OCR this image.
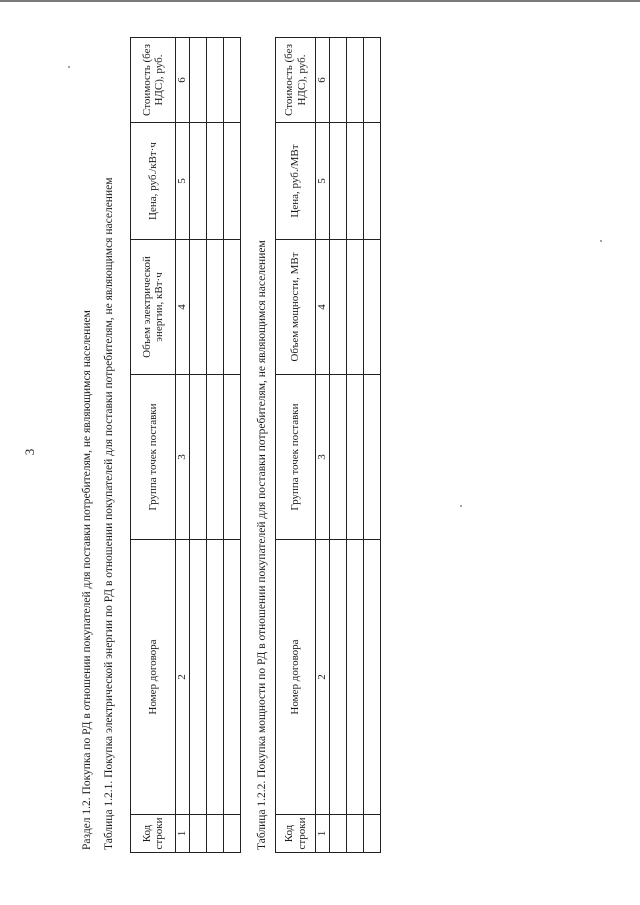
3	Раздел 1.2. Покупка по РД в отношении покупателей для поставки потребителям, не являющимся населением Таблица 1.2.1. Покупка электрической энергии по РД в отношении покупателей для поставки потребителям, не являющимся населением Код строки	Номер договора	Группа точек поставки	Объем электрической энергии, кВт·ч	Цена, руб./кВт·ч	Стоимость (без НДС), руб.
1	2	3	4	5	6

Таблица 1.2.2. Покупка мощности по РД в отношении покупателей для поставки потребителям, не являющимся населением Код строки	Номер договора	Группа точек поставки	Объем мощности, МВт	Цена, руб./МВт	Стоимость (без НДС), руб.
1	2	3	4	5	6
